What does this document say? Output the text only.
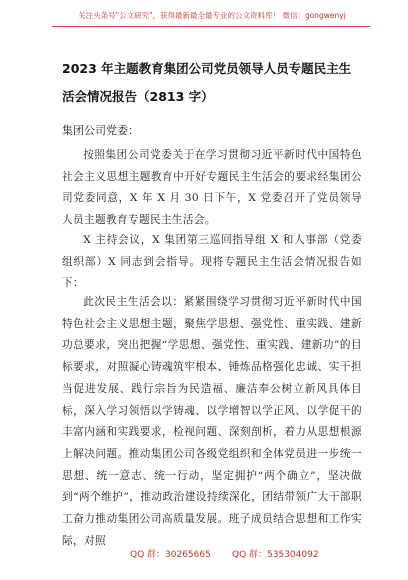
关注头条号"公文研究"，获得最新最全最专业的公文资料库！ 微信：gongwenyj
2023 年主题教育集团公司党员领导人员专题民主生活会情况报告（2813 字）
集团公司党委：

按照集团公司党委关于在学习贯彻习近平新时代中国特色社会主义思想主题教育中开好专题民主生活会的要求经集团公司党委同意，X 年 X 月 30 日下午，X 党委召开了党员领导人员主题教育专题民主生活会。

X 主持会议，X 集团第三巡回指导组 X 和人事部（党委组织部）X 同志到会指导。现将专题民主生活会情况报告如下：

此次民主生活会以：紧紧围绕学习贯彻习近平新时代中国特色社会主义思想主题，聚焦学思想、强党性、重实践、建新功总要求，突出把握“学思想、强党性、重实践、建新功”的目标要求，对照凝心铸魂筑牢根本、锤炼品格强化忠诚、实干担当促进发展、践行宗旨为民造福、廉洁奉公树立新风具体目标，深入学习领悟以学铸魂、以学增智以学正风、以学促干的丰富内涵和实践要求，检视问题、深刻剖析，着力从思想根源上解决问题。推动集团公司各级党组织和全体党员进一步统一思想、统一意志、统一行动，坚定拥护“两个确立”，坚决做到“两个维护”，推动政治建设持续深化，团结带领广大干部职工奋力推动集团公司高质量发展。班子成员结合思想和工作实际，对照

QQ 群：30265665 QQ 群：535304092
